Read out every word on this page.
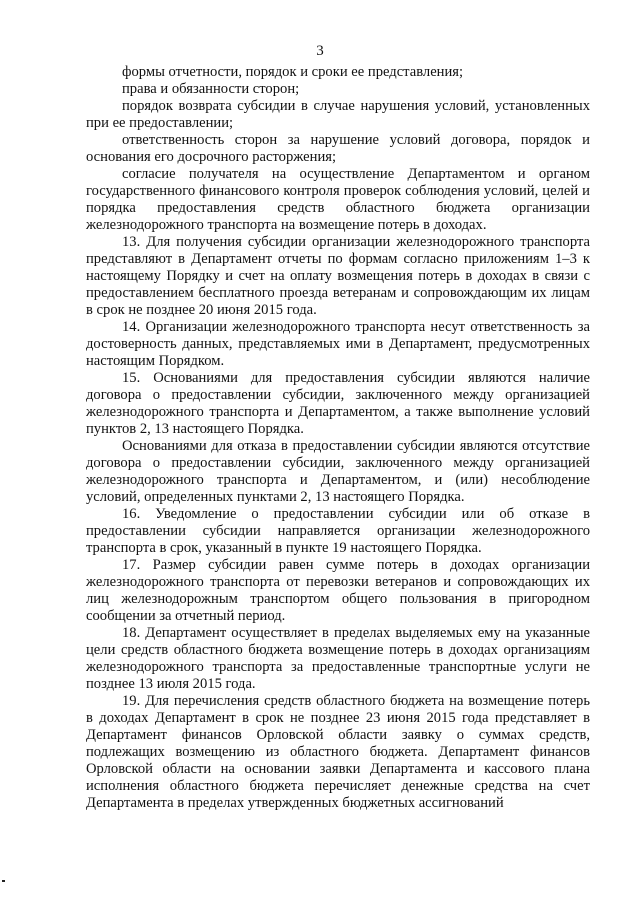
3

формы отчетности, порядок и сроки ее представления;

права и обязанности сторон;

порядок возврата субсидии в случае нарушения условий, установленных при ее предоставлении;

ответственность сторон за нарушение условий договора, порядок и основания его досрочного расторжения;

согласие получателя на осуществление Департаментом и органом государственного финансового контроля проверок соблюдения условий, целей и порядка предоставления средств областного бюджета организации железнодорожного транспорта на возмещение потерь в доходах.

13. Для получения субсидии организации железнодорожного транспорта представляют в Департамент отчеты по формам согласно приложениям 1–3 к настоящему Порядку и счет на оплату возмещения потерь в доходах в связи с предоставлением бесплатного проезда ветеранам и сопровождающим их лицам в срок не позднее 20 июня 2015 года.

14. Организации железнодорожного транспорта несут ответственность за достоверность данных, представляемых ими в Департамент, предусмотренных настоящим Порядком.

15. Основаниями для предоставления субсидии являются наличие договора о предоставлении субсидии, заключенного между организацией железнодорожного транспорта и Департаментом, а также выполнение условий пунктов 2, 13 настоящего Порядка.

Основаниями для отказа в предоставлении субсидии являются отсутствие договора о предоставлении субсидии, заключенного между организацией железнодорожного транспорта и Департаментом, и (или) несоблюдение условий, определенных пунктами 2, 13 настоящего Порядка.

16. Уведомление о предоставлении субсидии или об отказе в предоставлении субсидии направляется организации железнодорожного транспорта в срок, указанный в пункте 19 настоящего Порядка.

17. Размер субсидии равен сумме потерь в доходах организации железнодорожного транспорта от перевозки ветеранов и сопровождающих их лиц железнодорожным транспортом общего пользования в пригородном сообщении за отчетный период.

18. Департамент осуществляет в пределах выделяемых ему на указанные цели средств областного бюджета возмещение потерь в доходах организациям железнодорожного транспорта за предоставленные транспортные услуги не позднее 13 июля 2015 года.

19. Для перечисления средств областного бюджета на возмещение потерь в доходах Департамент в срок не позднее 23 июня 2015 года представляет в Департамент финансов Орловской области заявку о суммах средств, подлежащих возмещению из областного бюджета. Департамент финансов Орловской области на основании заявки Департамента и кассового плана исполнения областного бюджета перечисляет денежные средства на счет Департамента в пределах утвержденных бюджетных ассигнований
